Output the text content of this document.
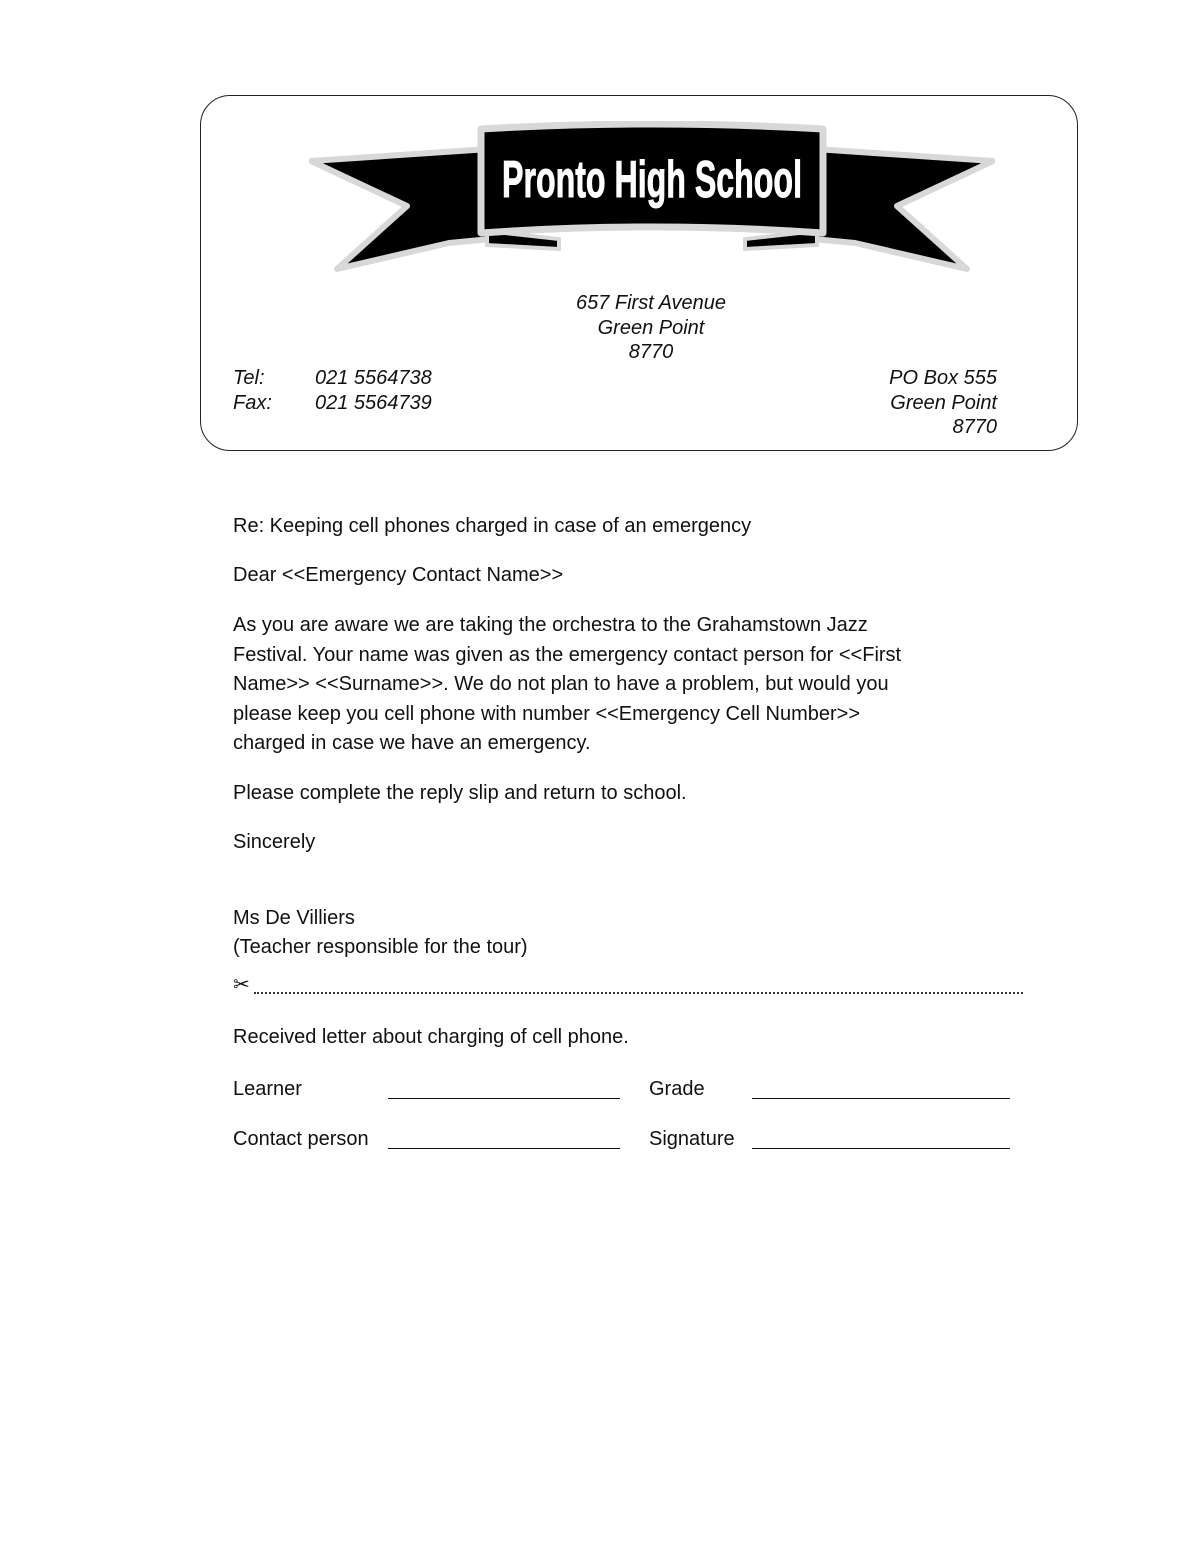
Pronto High School
657 First Avenue
Green Point
8770
Tel:	021 5564738
Fax:	021 5564739
PO Box 555
Green Point
8770
Re: Keeping cell phones charged in case of an emergency
Dear <<Emergency Contact Name>>
As you are aware we are taking the orchestra to the Grahamstown Jazz
Festival. Your name was given as the emergency contact person for <<First
Name>> <<Surname>>. We do not plan to have a problem, but would you
please keep you cell phone with number <<Emergency Cell Number>>
charged in case we have an emergency.
Please complete the reply slip and return to school.
Sincerely
Ms De Villiers
(Teacher responsible for the tour)
✂
Received letter about charging of cell phone.
Learner	Grade
Contact person	Signature
